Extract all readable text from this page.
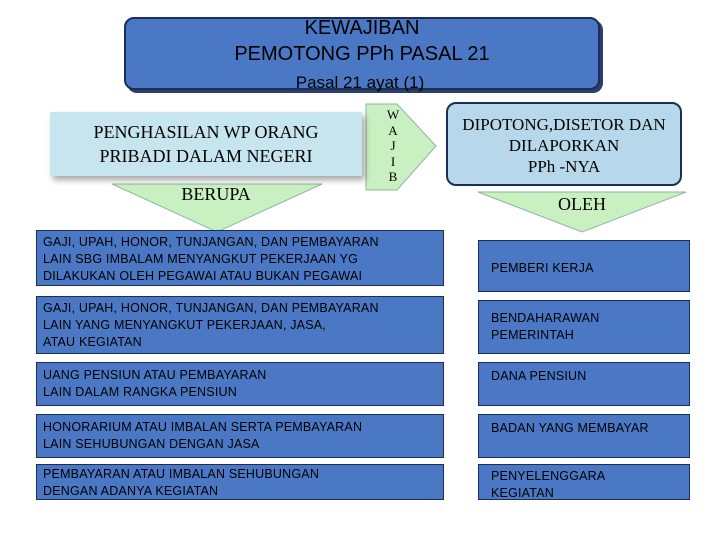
KEWAJIBAN
PEMOTONG PPh PASAL 21
Pasal 21 ayat (1)
PENGHASILAN WP ORANG
PRIBADI DALAM NEGERI
BERUPA
W
A
J
I
B
DIPOTONG,DISETOR DAN
DILAPORKAN
PPh -NYA
OLEH
GAJI, UPAH, HONOR, TUNJANGAN, DAN PEMBAYARAN
LAIN SBG IMBALAM MENYANGKUT PEKERJAAN YG
DILAKUKAN OLEH PEGAWAI ATAU BUKAN PEGAWAI
GAJI, UPAH, HONOR, TUNJANGAN, DAN PEMBAYARAN
LAIN YANG MENYANGKUT PEKERJAAN, JASA,
ATAU KEGIATAN
UANG PENSIUN ATAU PEMBAYARAN
LAIN DALAM RANGKA PENSIUN
HONORARIUM ATAU IMBALAN SERTA PEMBAYARAN
LAIN SEHUBUNGAN DENGAN JASA
PEMBAYARAN ATAU IMBALAN SEHUBUNGAN
DENGAN ADANYA KEGIATAN
PEMBERI KERJA
BENDAHARAWAN
PEMERINTAH
DANA PENSIUN
BADAN YANG MEMBAYAR
PENYELENGGARA
KEGIATAN
